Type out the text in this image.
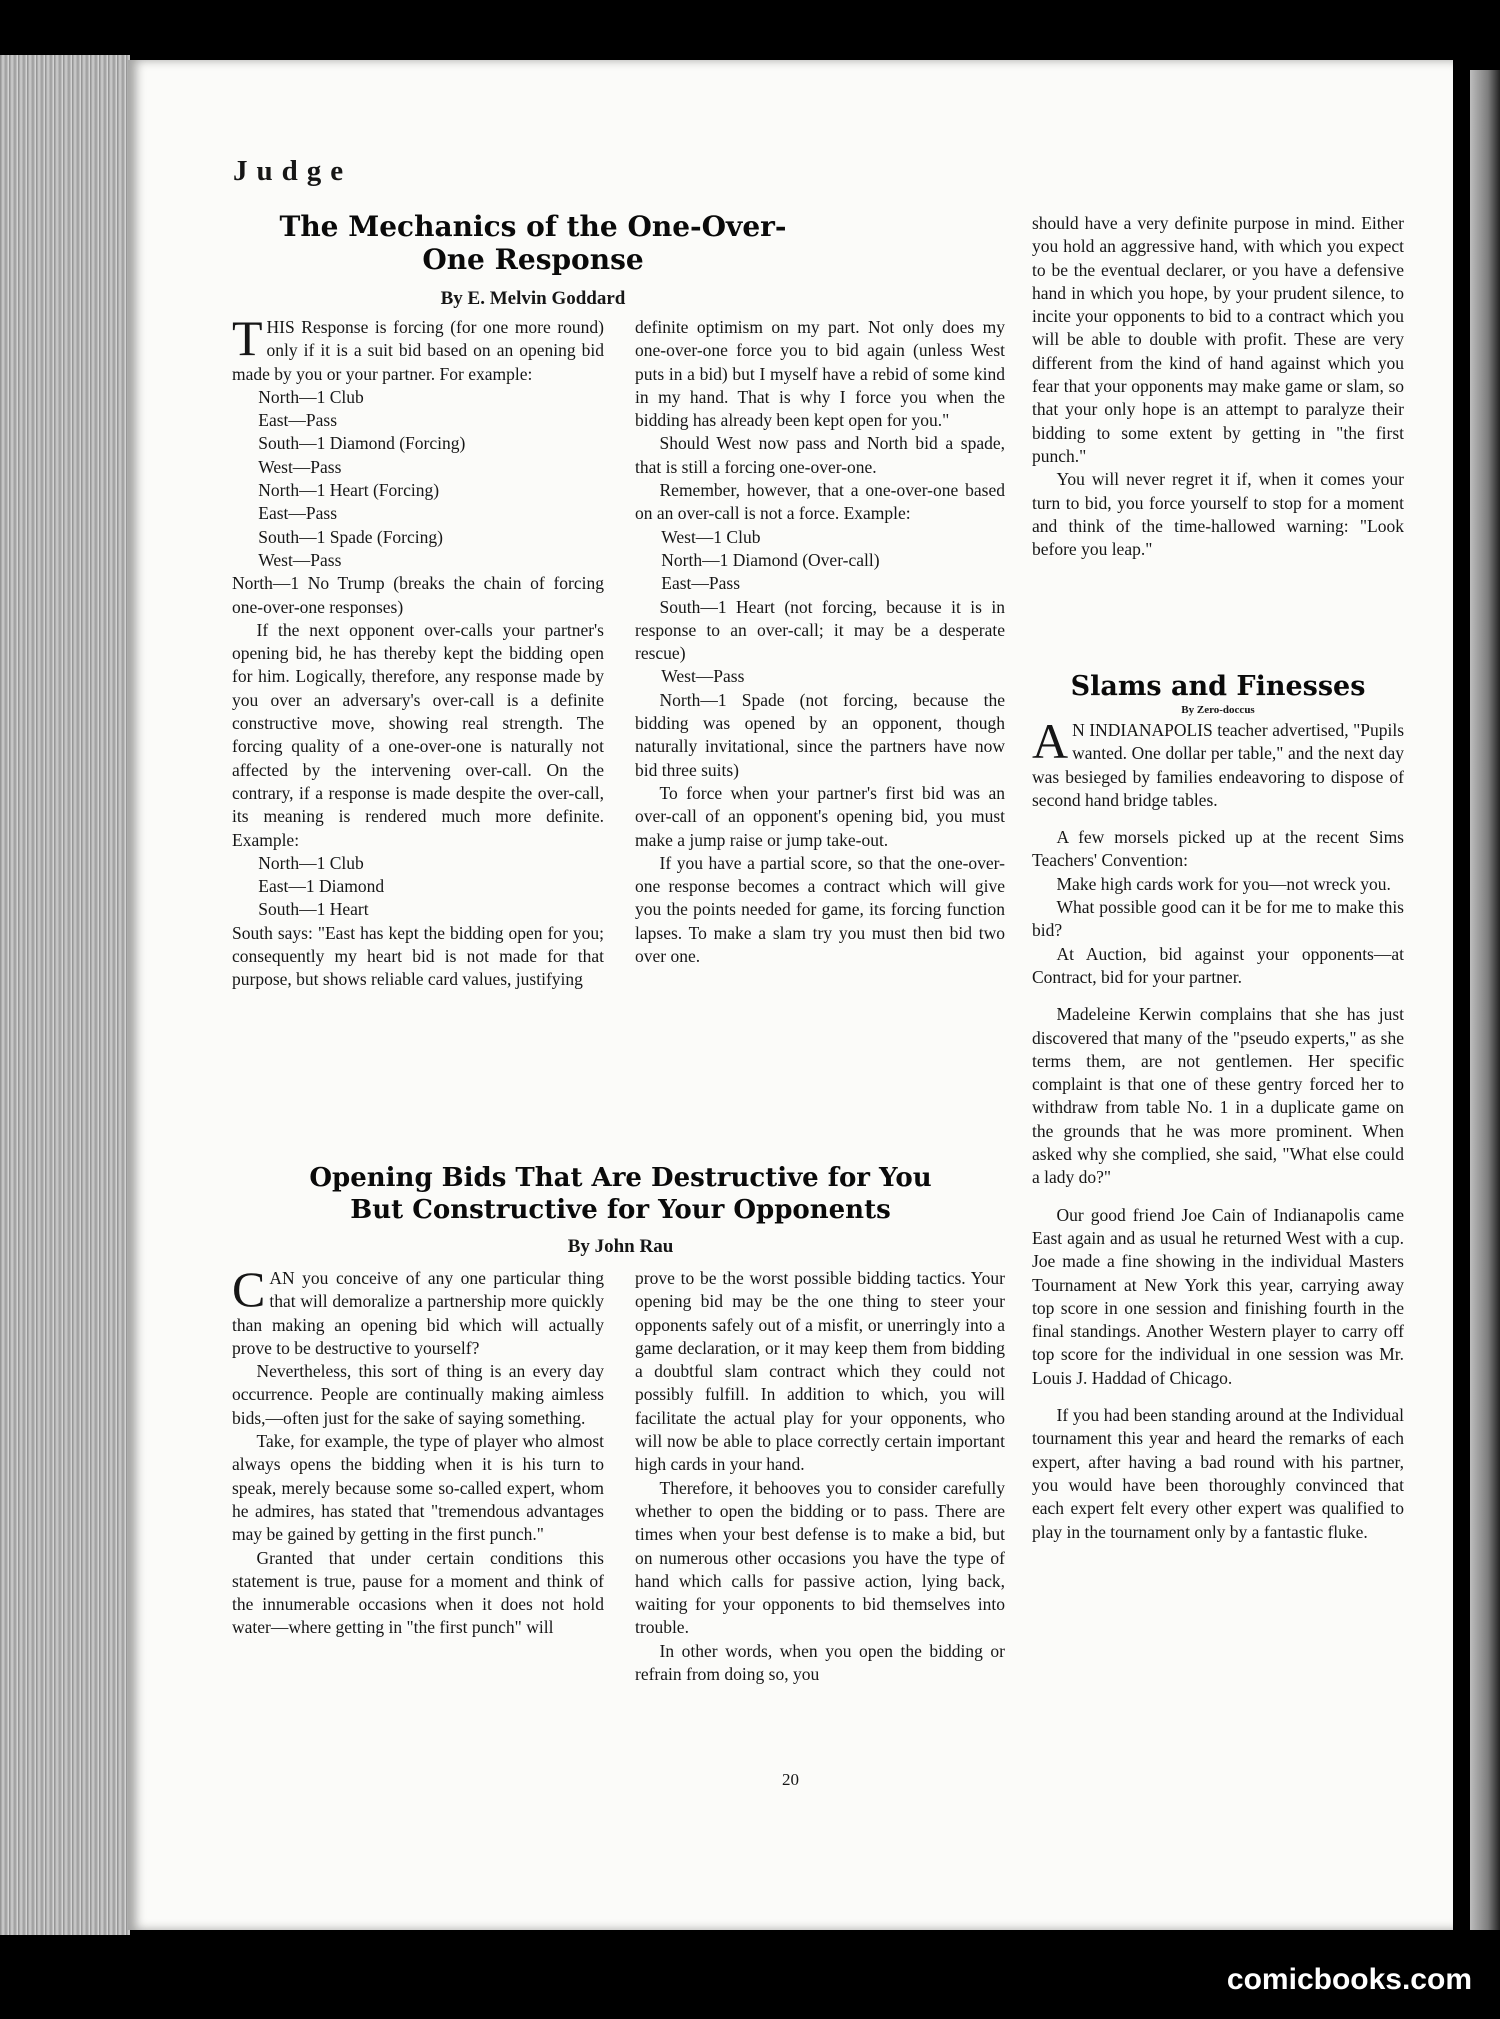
Judge
The Mechanics of the One-Over-
One Response
By E. Melvin Goddard

THIS Response is forcing (for one more round) only if it is a suit bid based on an opening bid made by you or your partner. For example:

North—1 Club

East—Pass

South—1 Diamond (Forcing)

West—Pass

North—1 Heart (Forcing)

East—Pass

South—1 Spade (Forcing)

West—Pass

North—1 No Trump (breaks the chain of forcing one-over-one responses)

If the next opponent over-calls your partner's opening bid, he has thereby kept the bidding open for him. Logically, therefore, any response made by you over an adversary's over-call is a definite constructive move, showing real strength. The forcing quality of a one-over-one is naturally not affected by the intervening over-call. On the contrary, if a response is made despite the over-call, its meaning is rendered much more definite. Example:

North—1 Club

East—1 Diamond

South—1 Heart

South says: "East has kept the bidding open for you; consequently my heart bid is not made for that purpose, but shows reliable card values, justifying

definite optimism on my part. Not only does my one-over-one force you to bid again (unless West puts in a bid) but I myself have a rebid of some kind in my hand. That is why I force you when the bidding has already been kept open for you."

Should West now pass and North bid a spade, that is still a forcing one-over-one.

Remember, however, that a one-over-one based on an over-call is not a force. Example:

West—1 Club

North—1 Diamond (Over-call)

East—Pass

South—1 Heart (not forcing, because it is in response to an over-call; it may be a desperate rescue)

West—Pass

North—1 Spade (not forcing, because the bidding was opened by an opponent, though naturally invitational, since the partners have now bid three suits)

To force when your partner's first bid was an over-call of an opponent's opening bid, you must make a jump raise or jump take-out.

If you have a partial score, so that the one-over-one response becomes a contract which will give you the points needed for game, its forcing function lapses. To make a slam try you must then bid two over one.

should have a very definite purpose in mind. Either you hold an aggressive hand, with which you expect to be the eventual declarer, or you have a defensive hand in which you hope, by your prudent silence, to incite your opponents to bid to a contract which you will be able to double with profit. These are very different from the kind of hand against which you fear that your opponents may make game or slam, so that your only hope is an attempt to paralyze their bidding to some extent by getting in "the first punch."

You will never regret it if, when it comes your turn to bid, you force yourself to stop for a moment and think of the time-hallowed warning: "Look before you leap."

Slams and Finesses
By Zero-doccus

A N INDIANAPOLIS teacher advertised, "Pupils wanted. One dollar per table," and the next day was besieged by families endeavoring to dispose of second hand bridge tables.

A few morsels picked up at the recent Sims Teachers' Convention:

Make high cards work for you—not wreck you.

What possible good can it be for me to make this bid?

At Auction, bid against your opponents—at Contract, bid for your partner.

Madeleine Kerwin complains that she has just discovered that many of the "pseudo experts," as she terms them, are not gentlemen. Her specific complaint is that one of these gentry forced her to withdraw from table No. 1 in a duplicate game on the grounds that he was more prominent. When asked why she complied, she said, "What else could a lady do?"

Our good friend Joe Cain of Indianapolis came East again and as usual he returned West with a cup. Joe made a fine showing in the individual Masters Tournament at New York this year, carrying away top score in one session and finishing fourth in the final standings. Another Western player to carry off top score for the individual in one session was Mr. Louis J. Haddad of Chicago.

If you had been standing around at the Individual tournament this year and heard the remarks of each expert, after having a bad round with his partner, you would have been thoroughly convinced that each expert felt every other expert was qualified to play in the tournament only by a fantastic fluke.

Opening Bids That Are Destructive for You
But Constructive for Your Opponents
By John Rau

CAN you conceive of any one particular thing that will demoralize a partnership more quickly than making an opening bid which will actually prove to be destructive to yourself?

Nevertheless, this sort of thing is an every day occurrence. People are continually making aimless bids,—often just for the sake of saying something.

Take, for example, the type of player who almost always opens the bidding when it is his turn to speak, merely because some so-called expert, whom he admires, has stated that "tremendous advantages may be gained by getting in the first punch."

Granted that under certain conditions this statement is true, pause for a moment and think of the innumerable occasions when it does not hold water—where getting in "the first punch" will

prove to be the worst possible bidding tactics. Your opening bid may be the one thing to steer your opponents safely out of a misfit, or unerringly into a game declaration, or it may keep them from bidding a doubtful slam contract which they could not possibly fulfill. In addition to which, you will facilitate the actual play for your opponents, who will now be able to place correctly certain important high cards in your hand.

Therefore, it behooves you to consider carefully whether to open the bidding or to pass. There are times when your best defense is to make a bid, but on numerous other occasions you have the type of hand which calls for passive action, lying back, waiting for your opponents to bid themselves into trouble.

In other words, when you open the bidding or refrain from doing so, you

20
comicbooks.com
